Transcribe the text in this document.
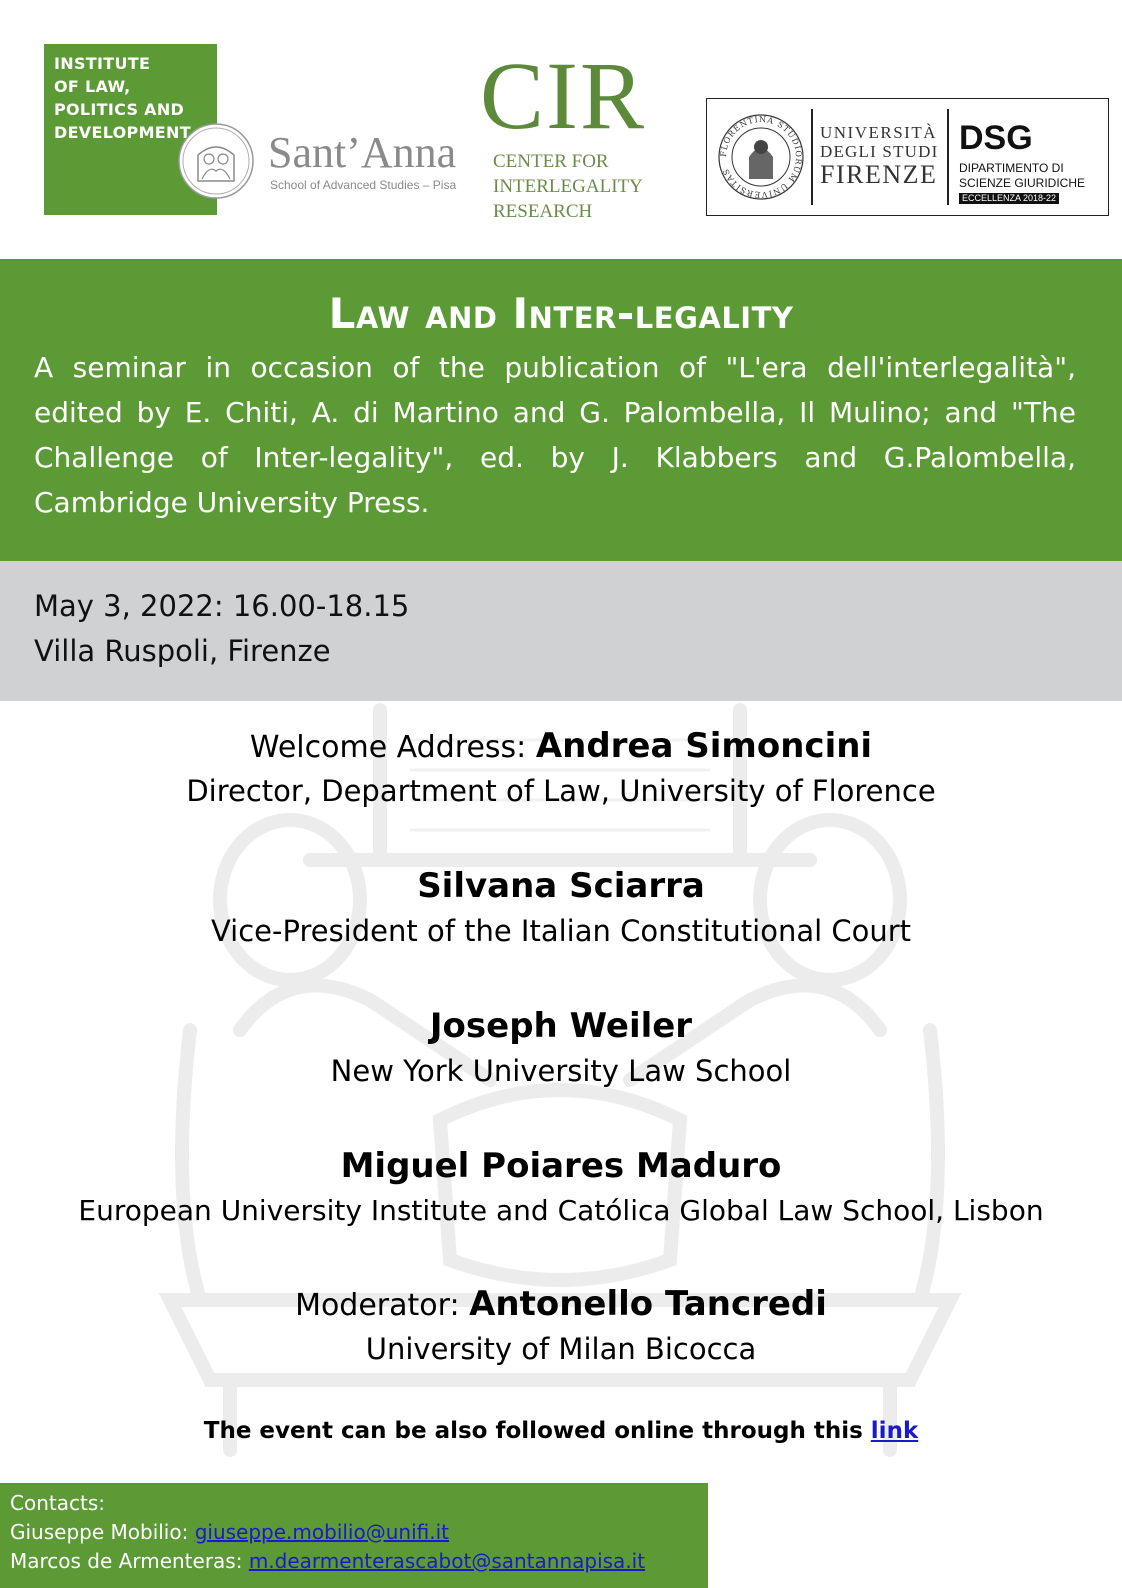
INSTITUTE
OF LAW,
POLITICS AND
DEVELOPMENT	Sant’Anna
School of Advanced Studies – Pisa
CIR
CENTER FOR
INTERLEGALITY
RESEARCH
FLORENTINA STUDIORUM UNIVERSITAS
UNIVERSITÀ
DEGLI STUDI
FIRENZE
DSG
DIPARTIMENTO DI
SCIENZE GIURIDICHE
ECCELLENZA 2018-22
Law and Inter-legality
A seminar in occasion of the publication of "L'era dell'interlegalità", edited by E. Chiti, A. di Martino and G. Palombella, Il Mulino; and "The Challenge of Inter-legality", ed. by J. Klabbers and G.Palombella, Cambridge University Press.
May 3, 2022: 16.00-18.15
Villa Ruspoli, Firenze
Welcome Address: Andrea Simoncini
Director, Department of Law, University of Florence
Silvana Sciarra
Vice-President of the Italian Constitutional Court
Joseph Weiler
New York University Law School
Miguel Poiares Maduro
European University Institute and Católica Global Law School, Lisbon
Moderator: Antonello Tancredi
University of Milan Bicocca
The event can be also followed online through this link
Contacts:
Giuseppe Mobilio: giuseppe.mobilio@unifi.it
Marcos de Armenteras: m.dearmenterascabot@santannapisa.it
